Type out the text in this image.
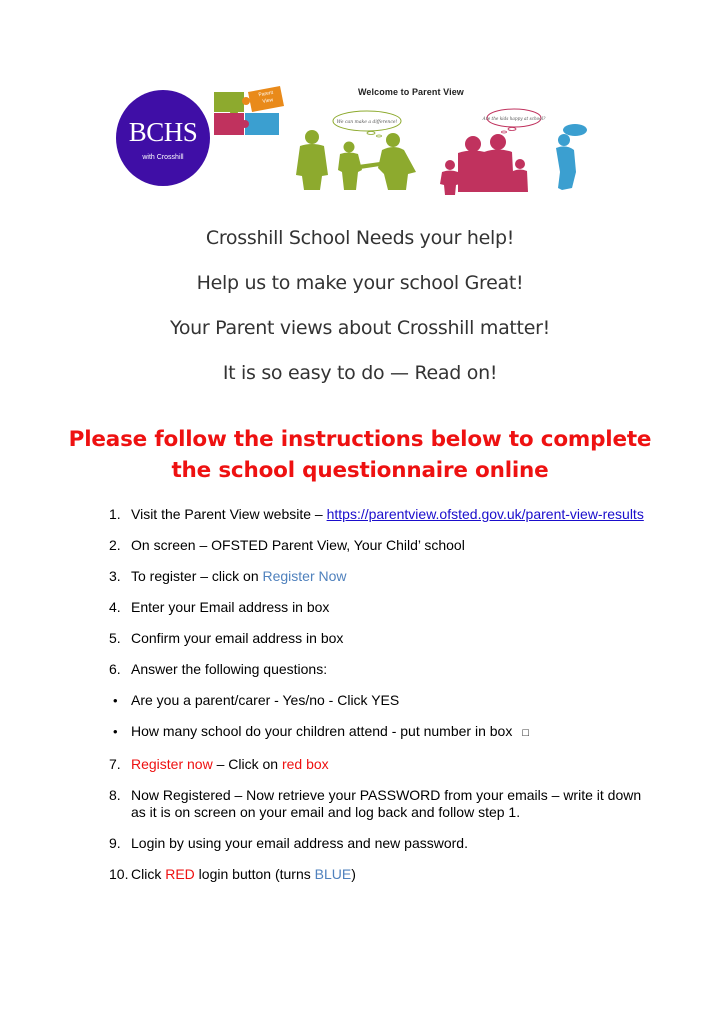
BCHS
with Crosshill
Parent
View
Welcome to Parent View
We can make a difference!
Are the kids happy at school?

Crosshill School Needs your help!

Help us to make your school Great!

Your Parent views about Crosshill matter!

It is so easy to do — Read on!

Please follow the instructions below to complete the school questionnaire online
1. Visit the Parent View website – https://parentview.ofsted.gov.uk/parent-view-results
2. On screen – OFSTED Parent View, Your Child’ school
3. To register – click on Register Now
4. Enter your Email address in box
5. Confirm your email address in box
6. Answer the following questions:
• Are you a parent/carer - Yes/no - Click YES
• How many school do your children attend - put number in box □
7. Register now – Click on red box
8. Now Registered – Now retrieve your PASSWORD from your emails – write it down as it is on screen on your email and log back and follow step 1.
9. Login by using your email address and new password.
10. Click RED login button (turns BLUE)
